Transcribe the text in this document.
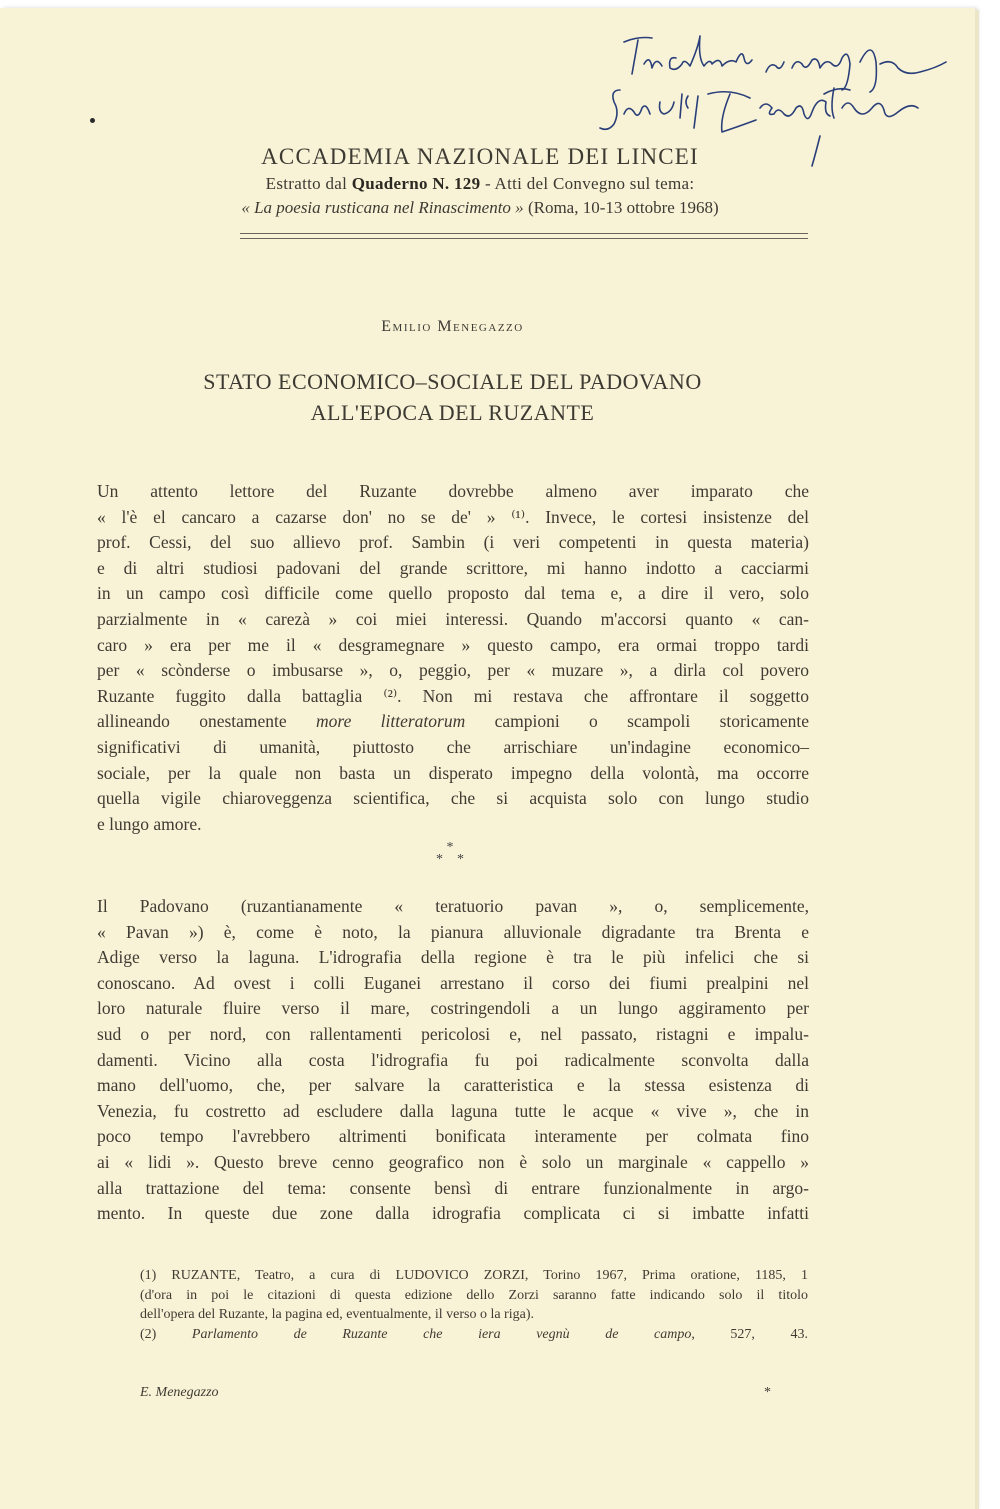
ACCADEMIA NAZIONALE DEI LINCEI
Estratto dal Quaderno N. 129 - Atti del Convegno sul tema:
« La poesia rusticana nel Rinascimento » (Roma, 10-13 ottobre 1968)
Emilio Menegazzo
STATO ECONOMICO–SOCIALE DEL PADOVANO
ALL'EPOCA DEL RUZANTE
Un attento lettore del Ruzante dovrebbe almeno aver imparato che
« l'è el cancaro a cazarse don' no se de' » ⁽¹⁾. Invece, le cortesi insistenze del
prof. Cessi, del suo allievo prof. Sambin (i veri competenti in questa materia)
e di altri studiosi padovani del grande scrittore, mi hanno indotto a cacciarmi
in un campo così difficile come quello proposto dal tema e, a dire il vero, solo
parzialmente in « carezà » coi miei interessi. Quando m'accorsi quanto « can-
caro » era per me il « desgramegnare » questo campo, era ormai troppo tardi
per « scònderse o imbusarse », o, peggio, per « muzare », a dirla col povero
Ruzante fuggito dalla battaglia ⁽²⁾. Non mi restava che affrontare il soggetto
allineando onestamente more litteratorum campioni o scampoli storicamente
significativi di umanità, piuttosto che arrischiare un'indagine economico–
sociale, per la quale non basta un disperato impegno della volontà, ma occorre
quella vigile chiaroveggenza scientifica, che si acquista solo con lungo studio
e lungo amore.
*
*    *
Il Padovano (ruzantianamente « teratuorio pavan », o, semplicemente,
« Pavan ») è, come è noto, la pianura alluvionale digradante tra Brenta e
Adige verso la laguna. L'idrografia della regione è tra le più infelici che si
conoscano. Ad ovest i colli Euganei arrestano il corso dei fiumi prealpini nel
loro naturale fluire verso il mare, costringendoli a un lungo aggiramento per
sud o per nord, con rallentamenti pericolosi e, nel passato, ristagni e impalu-
damenti. Vicino alla costa l'idrografia fu poi radicalmente sconvolta dalla
mano dell'uomo, che, per salvare la caratteristica e la stessa esistenza di
Venezia, fu costretto ad escludere dalla laguna tutte le acque « vive », che in
poco tempo l'avrebbero altrimenti bonificata interamente per colmata fino
ai « lidi ». Questo breve cenno geografico non è solo un marginale « cappello »
alla trattazione del tema: consente bensì di entrare funzionalmente in argo-
mento. In queste due zone dalla idrografia complicata ci si imbatte infatti
(1) RUZANTE, Teatro, a cura di LUDOVICO ZORZI, Torino 1967, Prima oratione, 1185, 1
(d'ora in poi le citazioni di questa edizione dello Zorzi saranno fatte indicando solo il titolo
dell'opera del Ruzante, la pagina ed, eventualmente, il verso o la riga).
(2) Parlamento de Ruzante che iera vegnù de campo, 527, 43.
E. Menegazzo	*
